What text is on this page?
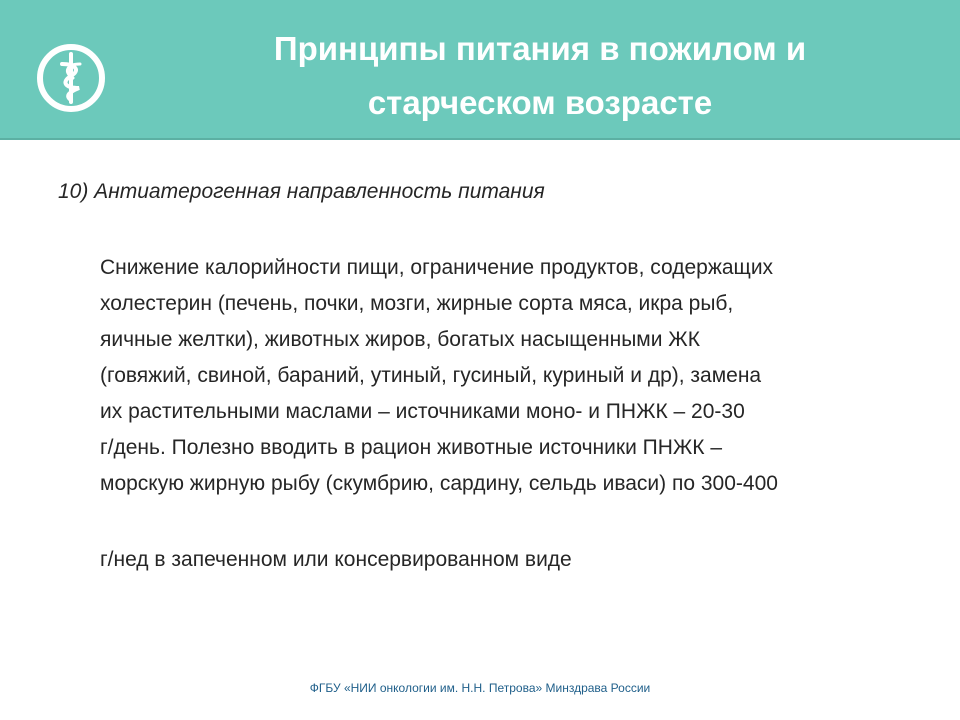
Принципы питания в пожилом и
старческом возрасте

10) Антиатерогенная направленность питания

Снижение калорийности пищи, ограничение продуктов, содержащих
холестерин (печень, почки, мозги, жирные сорта мяса, икра рыб,
яичные желтки), животных жиров, богатых насыщенными ЖК
(говяжий, свиной, бараний, утиный, гусиный, куриный и др), замена
их растительными маслами – источниками моно- и ПНЖК – 20-30
г/день. Полезно вводить в рацион животные источники ПНЖК –
морскую жирную рыбу (скумбрию, сардину, сельдь иваси) по 300-400

г/нед в запеченном или консервированном виде

ФГБУ «НИИ онкологии им. Н.Н. Петрова» Минздрава России
